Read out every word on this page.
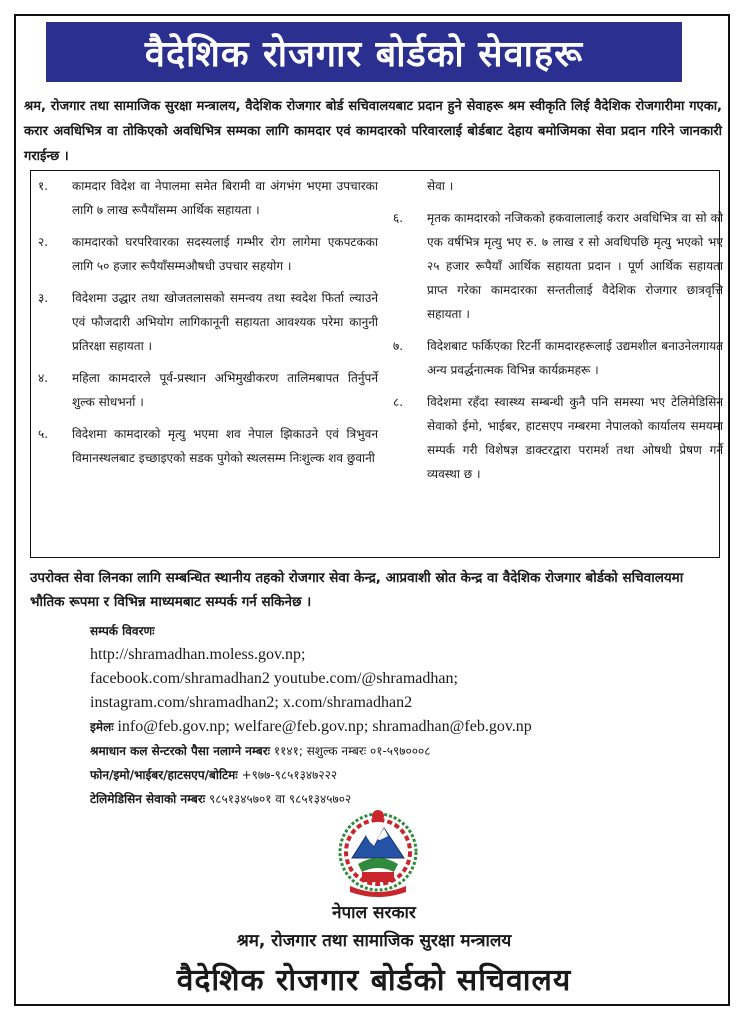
वैदेशिक रोजगार बोर्डको सेवाहरू
श्रम, रोजगार तथा सामाजिक सुरक्षा मन्त्रालय, वैदेशिक रोजगार बोर्ड सचिवालयबाट प्रदान हुने सेवाहरू श्रम स्वीकृति लिई वैदेशिक रोजगारीमा गएका, करार अवधिभित्र वा तोकिएको अवधिभित्र सम्मका लागि कामदार एवं कामदारको परिवारलाई बोर्डबाट देहाय बमोजिमका सेवा प्रदान गरिने जानकारी गराईन्छ ।
१.	कामदार विदेश वा नेपालमा समेत बिरामी वा अंगभंग भएमा उपचारका लागि ७ लाख रूपैयाँसम्म आर्थिक सहायता ।
२.	कामदारको घरपरिवारका सदस्यलाई गम्भीर रोग लागेमा एकपटकका लागि ५० हजार रूपैयाँसम्मऔषधी उपचार सहयोग ।
३.	विदेशमा उद्धार तथा खोजतलासको समन्वय तथा स्वदेश फिर्ता ल्याउने एवं फौजदारी अभियोग लागिकानूनी सहायता आवश्यक परेमा कानुनी प्रतिरक्षा सहायता ।
४.	महिला कामदारले पूर्व-प्रस्थान अभिमुखीकरण तालिमबापत तिर्नुपर्ने शुल्क सोधभर्ना ।
५.	विदेशमा कामदारको मृत्यु भएमा शव नेपाल झिकाउने एवं त्रिभुवन विमानस्थलबाट इच्छाइएको सडक पुगेको स्थलसम्म निःशुल्क शव छुवानी
सेवा ।
६.	मृतक कामदारको नजिकको हकवालालाई करार अवधिभित्र वा सो को एक वर्षभित्र मृत्यु भए रु. ७ लाख र सो अवधिपछि मृत्यु भएको भए २५ हजार रूपैयाँ आर्थिक सहायता प्रदान । पूर्ण आर्थिक सहायता प्राप्त गरेका कामदारका सन्ततीलाई वैदेशिक रोजगार छात्रवृत्ति सहायता ।
७.	विदेशबाट फर्किएका रिटर्नी कामदारहरूलाई उद्यमशील बनाउनेलगायत अन्य प्रवर्द्धनात्मक विभिन्न कार्यक्रमहरू ।
८.	विदेशमा रहँदा स्वास्थ्य सम्बन्धी कुनै पनि समस्या भए टेलिमेडिसिन सेवाको ईमो, भाईबर, हाटसएप नम्बरमा नेपालको कार्यालय समयमा सम्पर्क गरी विशेषज्ञ डाक्टरद्वारा परामर्श तथा ओषधी प्रेषण गर्ने व्यवस्था छ ।
उपरोक्त सेवा लिनका लागि सम्बन्धित स्थानीय तहको रोजगार सेवा केन्द्र, आप्रवाशी स्रोत केन्द्र वा वैदेशिक रोजगार बोर्डको सचिवालयमा भौतिक रूपमा र विभिन्न माध्यमबाट सम्पर्क गर्न सकिनेछ ।
सम्पर्क विवरणः
http://shramadhan.moless.gov.np;
facebook.com/shramadhan2 youtube.com/@shramadhan;
instagram.com/shramadhan2; x.com/shramadhan2
इमेलः info@feb.gov.np; welfare@feb.gov.np; shramadhan@feb.gov.np
श्रमाधान कल सेन्टरको पैसा नलाग्ने नम्बरः ११४१; सशुल्क नम्बरः ०१-५९७०००८
फोन/इमो/भाईबर/हाटसएप/बोटिमः +९७७-९८५१३४७२२२
टेलिमेडिसिन सेवाको नम्बरः ९८५१३४५७०१ वा ९८५१३४५७०२
नेपाल सरकार
श्रम, रोजगार तथा सामाजिक सुरक्षा मन्त्रालय
वैदेशिक रोजगार बोर्डको सचिवालय
